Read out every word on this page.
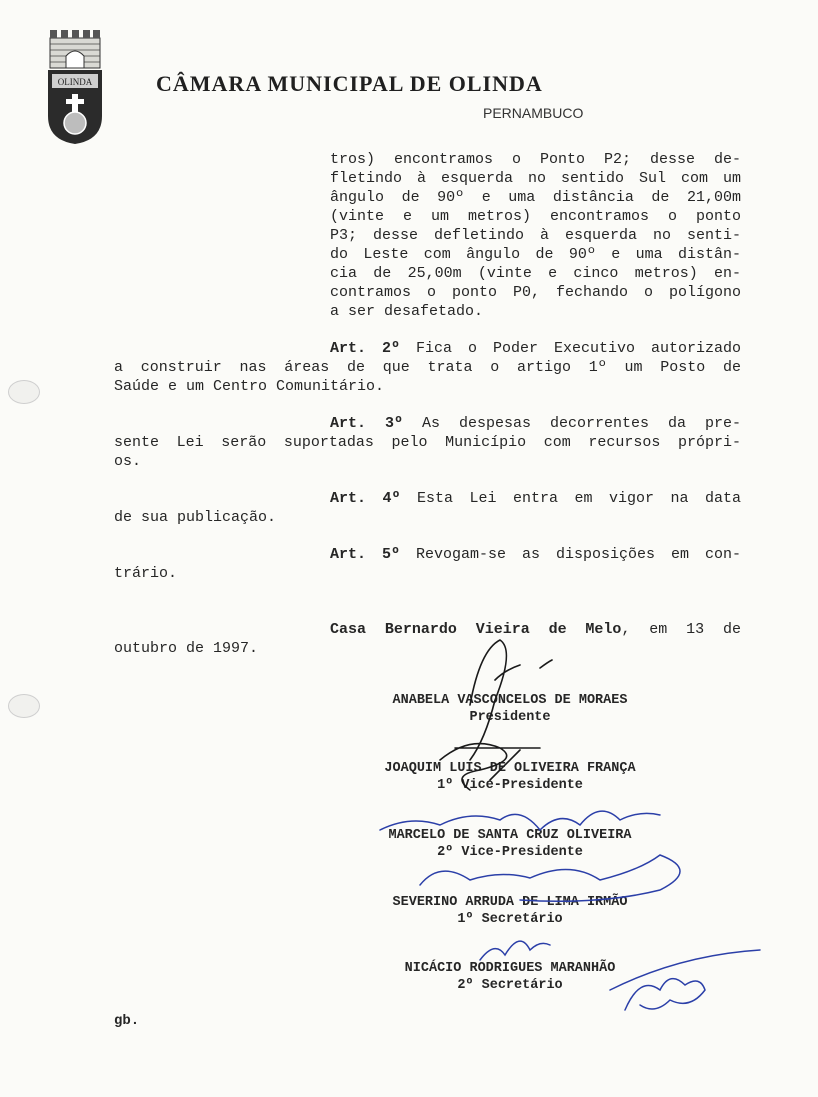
OLINDA	CÂMARA MUNICIPAL DE OLINDA
PERNAMBUCO
tros) encontramos o Ponto P2; desse de-
fletindo à esquerda no sentido Sul com um
ângulo de 90º e uma distância de 21,00m
(vinte e um metros) encontramos o ponto
P3; desse defletindo à esquerda no senti-
do Leste com ângulo de 90º e uma distân-
cia de 25,00m (vinte e cinco metros) en-
contramos o ponto P0, fechando o polígono
a ser desafetado.
Art. 2º Fica o Poder Executivo autorizado
a construir nas áreas de que trata o artigo 1º um Posto de
Saúde e um Centro Comunitário.
Art. 3º As despesas decorrentes da pre-
sente Lei serão suportadas pelo Município com recursos própri-
os.
Art. 4º Esta Lei entra em vigor na data
de sua publicação.
Art. 5º Revogam-se as disposições em con-
trário.
Casa Bernardo Vieira de Melo, em 13 de
outubro de 1997.
ANABELA VASCONCELOS DE MORAES
Presidente
JOAQUIM LUIS DE OLIVEIRA FRANÇA
1º Vice-Presidente
MARCELO DE SANTA CRUZ OLIVEIRA
2º Vice-Presidente
SEVERINO ARRUDA DE LIMA IRMÃO
1º Secretário
NICÁCIO RODRIGUES MARANHÃO
2º Secretário
gb.
